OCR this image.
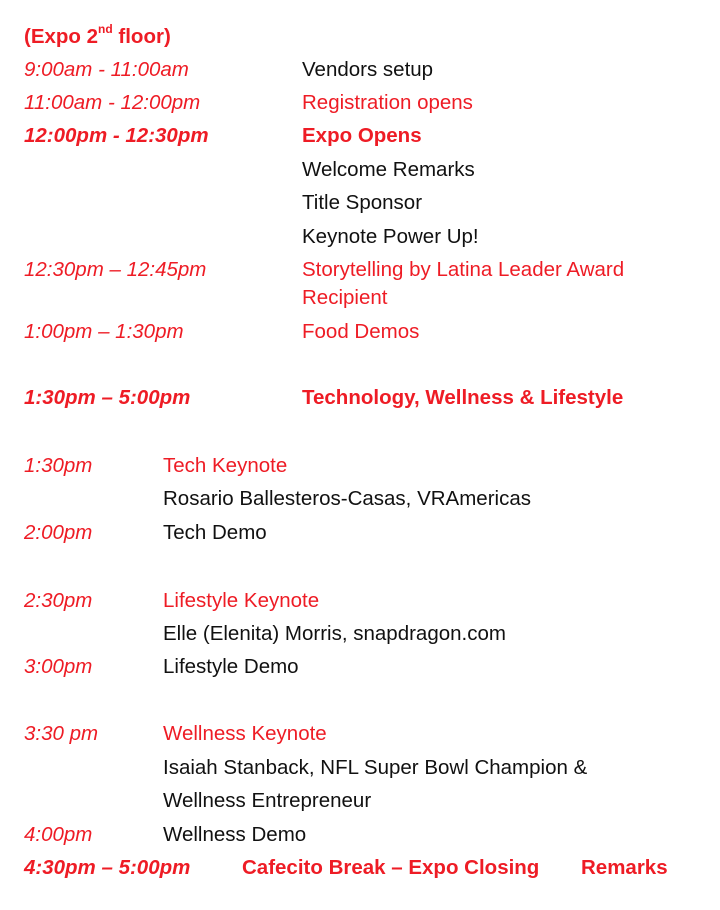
(Expo 2nd floor)
9:00am - 11:00am	Vendors setup
11:00am - 12:00pm	Registration opens
12:00pm - 12:30pm	Expo Opens
Welcome Remarks
Title Sponsor
Keynote Power Up!
12:30pm – 12:45pm	Storytelling by Latina Leader Award
Recipient
1:00pm – 1:30pm	Food Demos
1:30pm – 5:00pm	Technology, Wellness & Lifestyle
1:30pm	Tech Keynote
Rosario Ballesteros-Casas, VRAmericas
2:00pm	Tech Demo
2:30pm	Lifestyle Keynote
Elle (Elenita) Morris, snapdragon.com
3:00pm	Lifestyle Demo
3:30 pm	Wellness Keynote
Isaiah Stanback, NFL Super Bowl Champion &
Wellness Entrepreneur
4:00pm	Wellness Demo
4:30pm – 5:00pm	Cafecito Break – Expo Closing Remarks
